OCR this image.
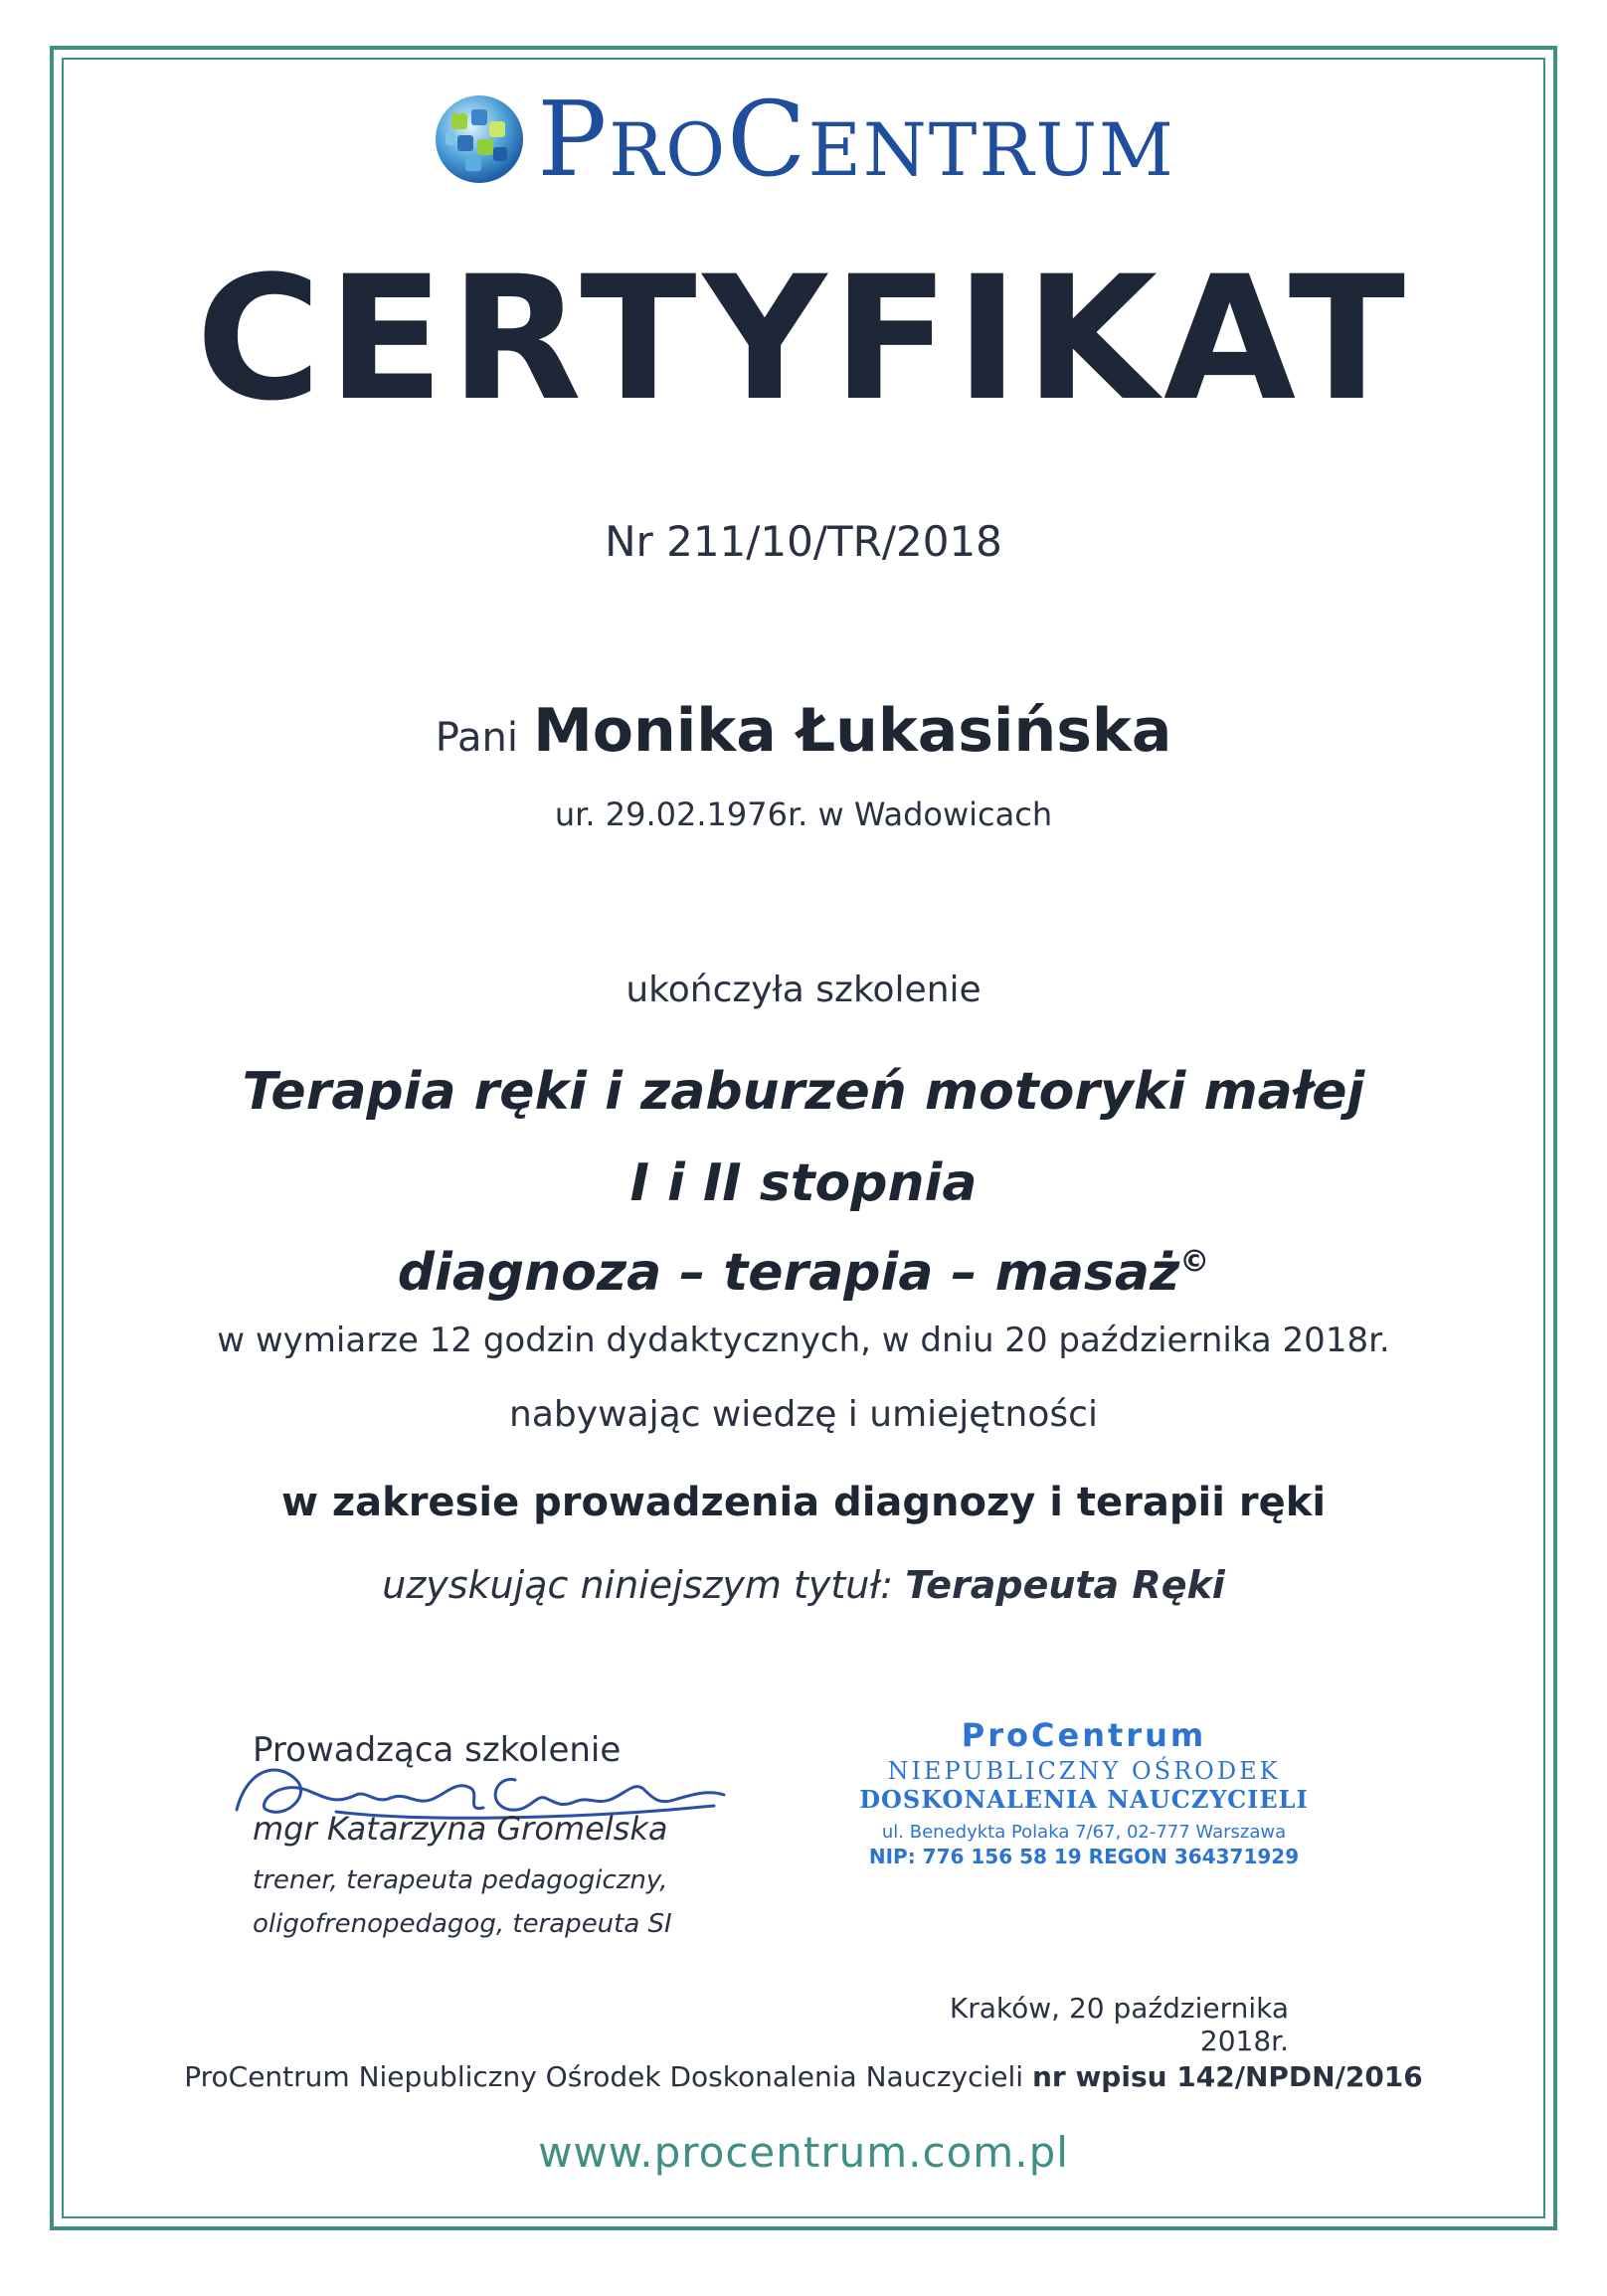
ProCentrum
CERTYFIKAT
Nr 211/10/TR/2018
Pani Monika Łukasińska
ur. 29.02.1976r. w Wadowicach
ukończyła szkolenie
Terapia ręki i zaburzeń motoryki małej
I i II stopnia
diagnoza – terapia – masaż©
w wymiarze 12 godzin dydaktycznych, w dniu 20 października 2018r.
nabywając wiedzę i umiejętności
w zakresie prowadzenia diagnozy i terapii ręki
uzyskując niniejszym tytuł: Terapeuta Ręki
Prowadząca szkolenie
mgr Katarzyna Gromelska
trener, terapeuta pedagogiczny,
oligofrenopedagog, terapeuta SI
ProCentrum
NIEPUBLICZNY OŚRODEK
DOSKONALENIA NAUCZYCIELI
ul. Benedykta Polaka 7/67, 02-777 Warszawa
NIP: 776 156 58 19 REGON 364371929
Kraków, 20 października 2018r.
ProCentrum Niepubliczny Ośrodek Doskonalenia Nauczycieli nr wpisu 142/NPDN/2016
www.procentrum.com.pl
